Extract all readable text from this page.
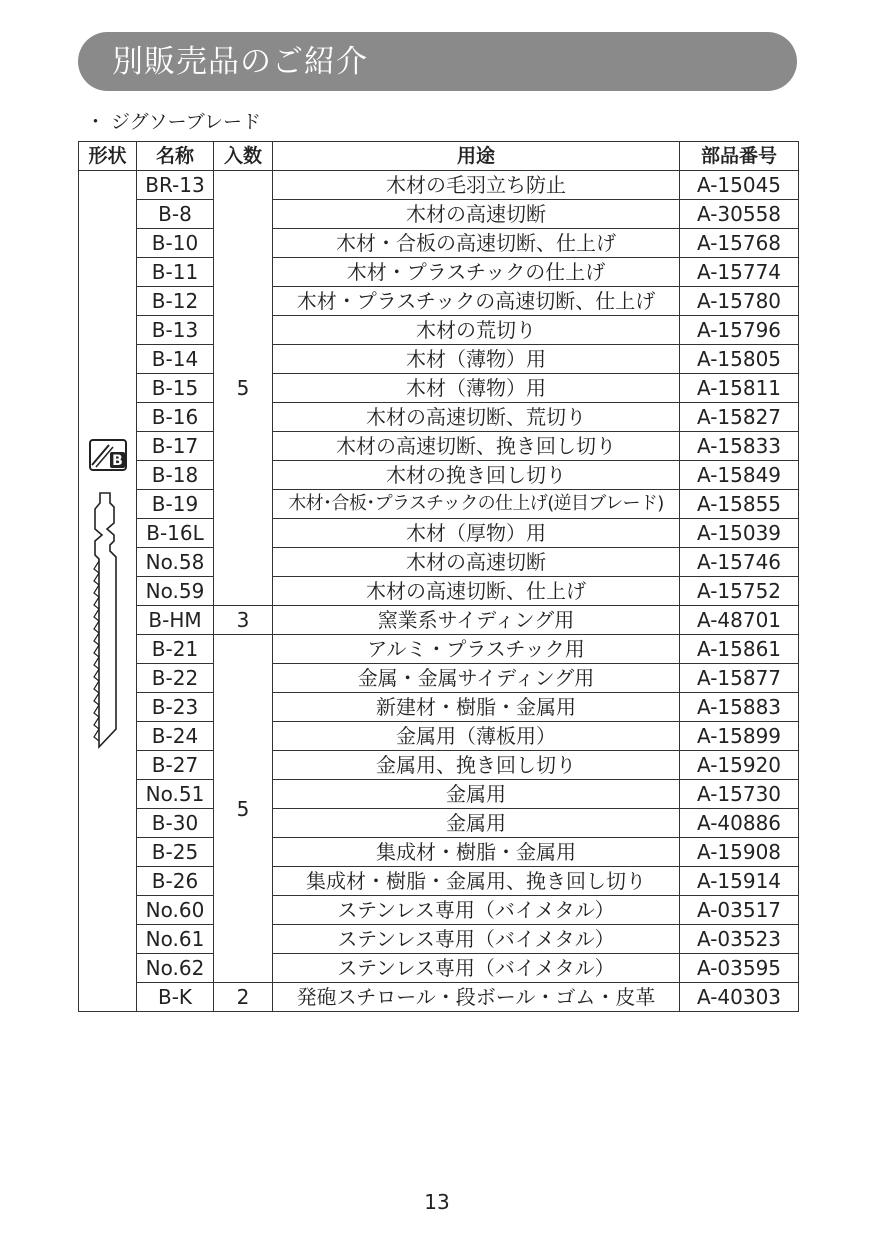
別販売品のご紹介
・ ジグソーブレード
形状	名称	入数	用途	部品番号

B	BR-13	5	木材の毛羽立ち防止	A-15045
	B-8		木材の高速切断	A-30558
	B-10		木材・合板の高速切断、仕上げ	A-15768
	B-11		木材・プラスチックの仕上げ	A-15774
	B-12		木材・プラスチックの高速切断、仕上げ	A-15780
	B-13		木材の荒切り	A-15796
	B-14		木材（薄物）用	A-15805
	B-15		木材（薄物）用	A-15811
	B-16		木材の高速切断、荒切り	A-15827
	B-17		木材の高速切断、挽き回し切り	A-15833
	B-18		木材の挽き回し切り	A-15849
	B-19		木材･合板･プラスチックの仕上げ(逆目ブレード)	A-15855
	B-16L		木材（厚物）用	A-15039
	No.58		木材の高速切断	A-15746
	No.59		木材の高速切断、仕上げ	A-15752
	B-HM	3	窯業系サイディング用	A-48701
	B-21	5	アルミ・プラスチック用	A-15861
	B-22		金属・金属サイディング用	A-15877
	B-23		新建材・樹脂・金属用	A-15883
	B-24		金属用（薄板用）	A-15899
	B-27		金属用、挽き回し切り	A-15920
	No.51		金属用	A-15730
	B-30		金属用	A-40886
	B-25		集成材・樹脂・金属用	A-15908
	B-26		集成材・樹脂・金属用、挽き回し切り	A-15914
	No.60		ステンレス専用（バイメタル）	A-03517
	No.61		ステンレス専用（バイメタル）	A-03523
	No.62		ステンレス専用（バイメタル）	A-03595
	B-K	2	発砲スチロール・段ボール・ゴム・皮革	A-40303
13
